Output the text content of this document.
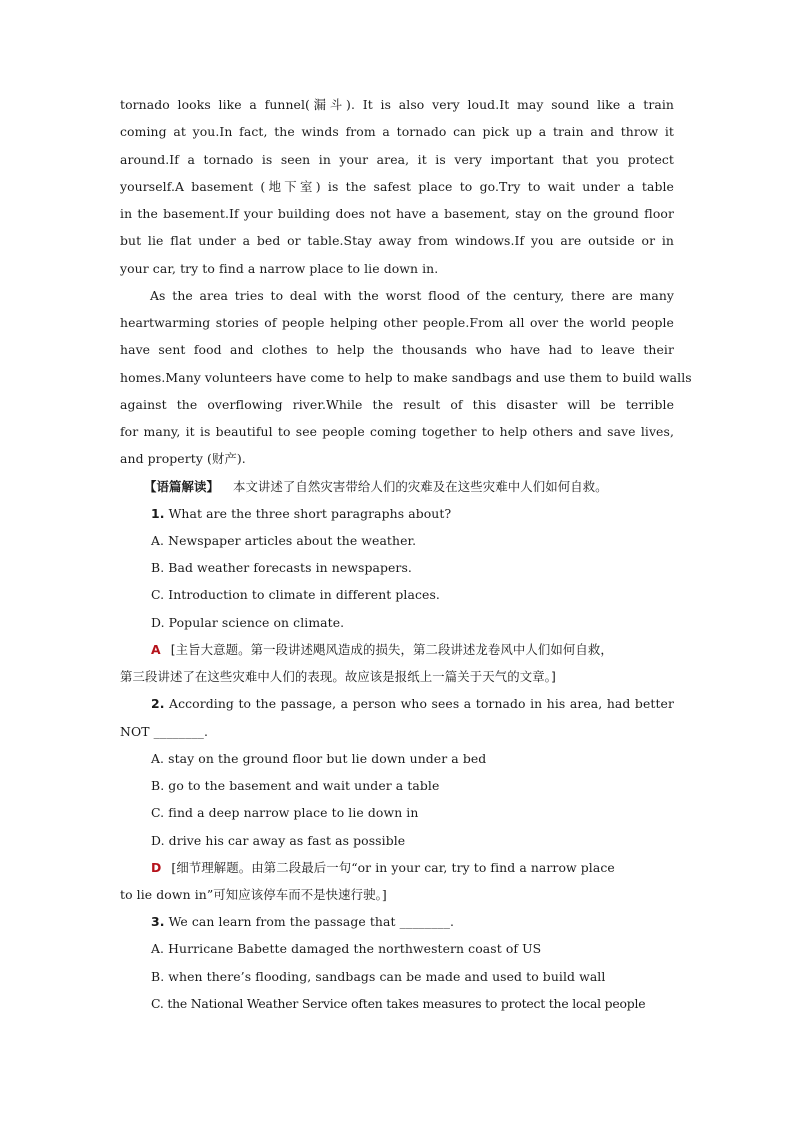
tornado looks like a funnel(漏斗). It is also very loud.It may sound like a train
coming at you.In fact, the winds from a tornado can pick up a train and throw it
around.If a tornado is seen in your area, it is very important that you protect
yourself.A basement (地下室) is the safest place to go.Try to wait under a table
in the basement.If your building does not have a basement, stay on the ground floor
but lie flat under a bed or table.Stay away from windows.If you are outside or in
your car, try to find a narrow place to lie down in.
As the area tries to deal with the worst flood of the century, there are many
heartwarming stories of people helping other people.From all over the world people
have sent food and clothes to help the thousands who have had to leave their
homes.Many volunteers have come to help to make sandbags and use them to build walls
against the overflowing river.While the result of this disaster will be terrible
for many, it is beautiful to see people coming together to help others and save lives,
and property (财产).
【语篇解读】 本文讲述了自然灾害带给人们的灾难及在这些灾难中人们如何自救。
1. What are the three short paragraphs about?
A. Newspaper articles about the weather.
B. Bad weather forecasts in newspapers.
C. Introduction to climate in different places.
D. Popular science on climate.
A [主旨大意题。第一段讲述飓风造成的损失，第二段讲述龙卷风中人们如何自救，
第三段讲述了在这些灾难中人们的表现。故应该是报纸上一篇关于天气的文章。]
2. According to the passage, a person who sees a tornado in his area, had better
NOT ________.
A. stay on the ground floor but lie down under a bed
B. go to the basement and wait under a table
C. find a deep narrow place to lie down in
D. drive his car away as fast as possible
D [细节理解题。由第二段最后一句“or in your car, try to find a narrow place
to lie down in”可知应该停车而不是快速行驶。]
3. We can learn from the passage that ________.
A. Hurricane Babette damaged the northwestern coast of US
B. when there’s flooding, sandbags can be made and used to build wall
C. the National Weather Service often takes measures to protect the local people
